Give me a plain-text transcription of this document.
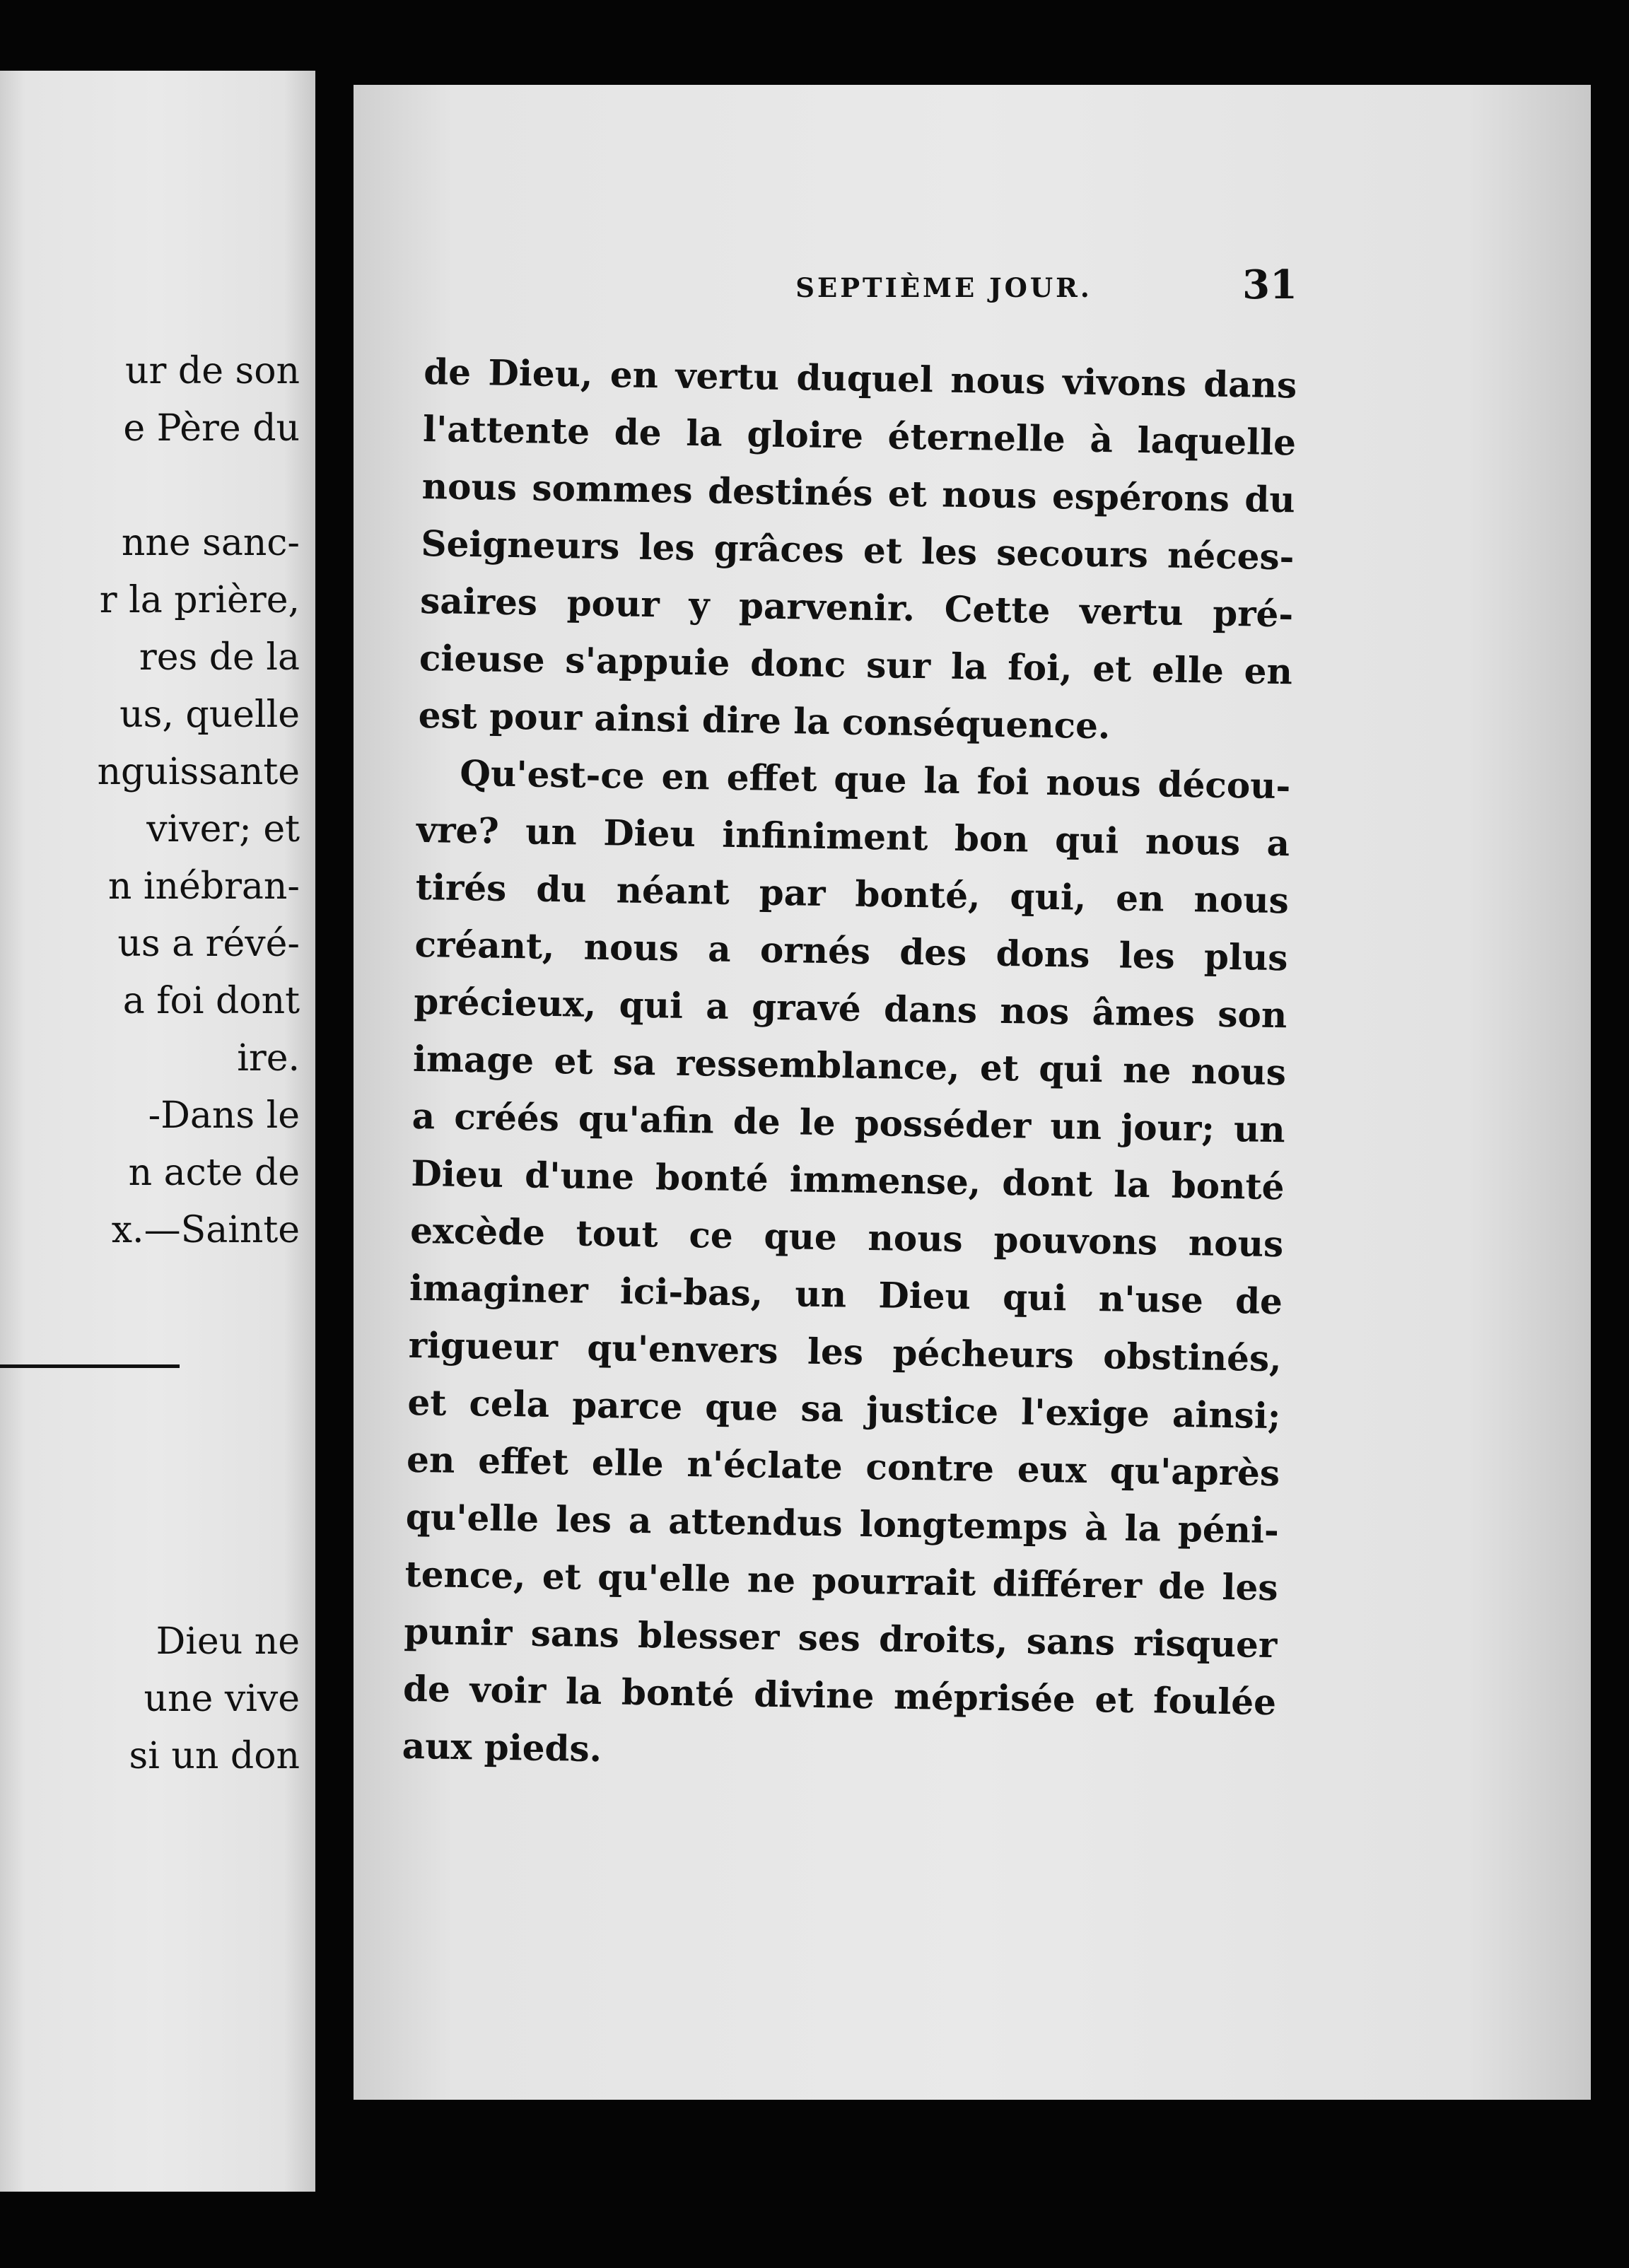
ur de son

e Père du

nne sanc-

r la prière,

res de la

us, quelle

nguissante

viver; et

n inébran-

us a révé-

a foi dont

ire.

-Dans le

n acte de

x.—Sainte

Dieu ne

une vive

si un don

SEPTIÈME JOUR.	31

de Dieu, en vertu duquel nous vivons dans

l'attente de la gloire éternelle à laquelle

nous sommes destinés et nous espérons du

Seigneurs les grâces et les secours néces-

saires pour y parvenir. Cette vertu pré-

cieuse s'appuie donc sur la foi, et elle en

est pour ainsi dire la conséquence.

Qu'est-ce en effet que la foi nous décou-

vre? un Dieu infiniment bon qui nous a

tirés du néant par bonté, qui, en nous

créant, nous a ornés des dons les plus

précieux, qui a gravé dans nos âmes son

image et sa ressemblance, et qui ne nous

a créés qu'afin de le posséder un jour; un

Dieu d'une bonté immense, dont la bonté

excède tout ce que nous pouvons nous

imaginer ici-bas, un Dieu qui n'use de

rigueur qu'envers les pécheurs obstinés,

et cela parce que sa justice l'exige ainsi;

en effet elle n'éclate contre eux qu'après

qu'elle les a attendus longtemps à la péni-

tence, et qu'elle ne pourrait différer de les

punir sans blesser ses droits, sans risquer

de voir la bonté divine méprisée et foulée

aux pieds.
